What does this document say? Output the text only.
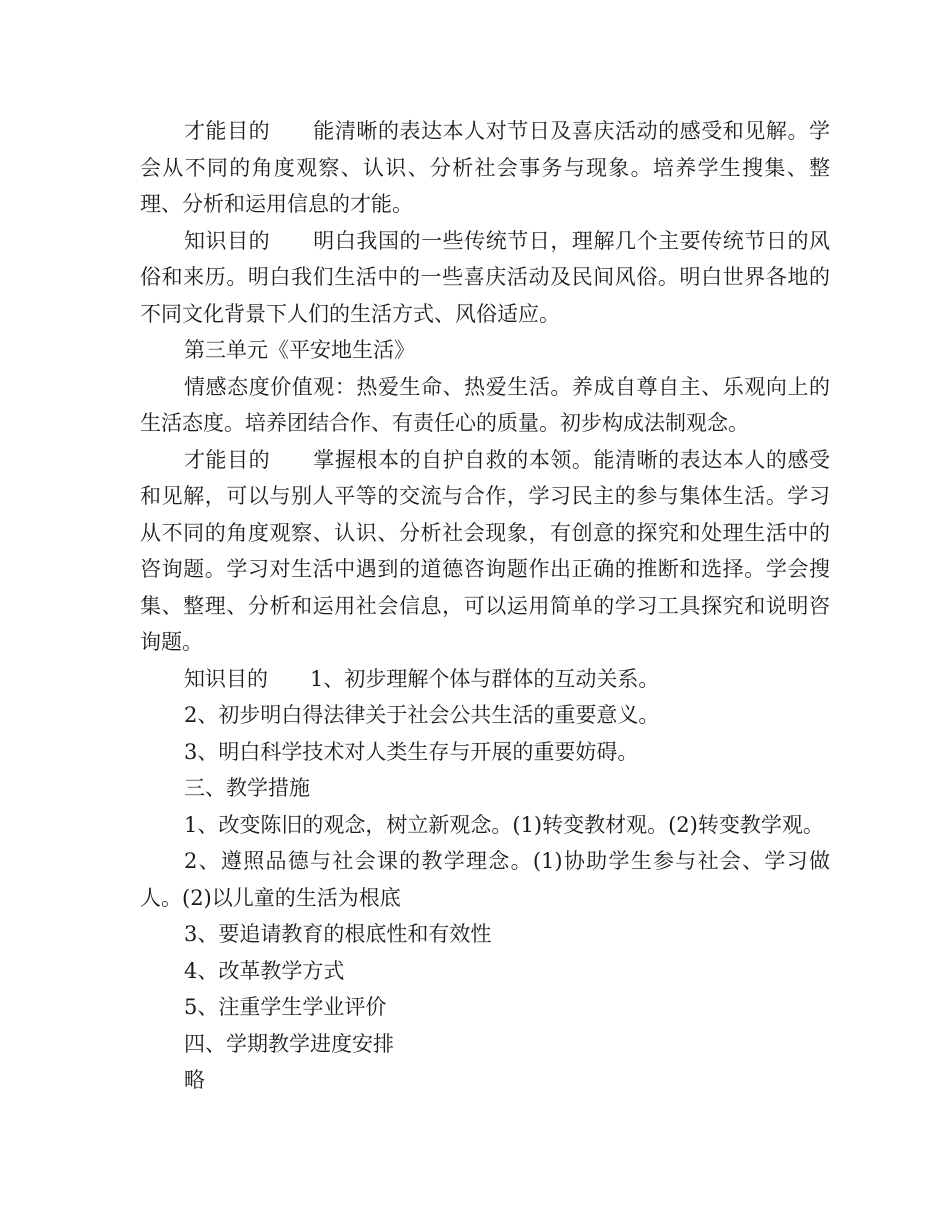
才能目的　　能清晰的表达本人对节日及喜庆活动的感受和见解。学会从不同的角度观察、认识、分析社会事务与现象。培养学生搜集、整理、分析和运用信息的才能。

知识目的　　明白我国的一些传统节日，理解几个主要传统节日的风俗和来历。明白我们生活中的一些喜庆活动及民间风俗。明白世界各地的不同文化背景下人们的生活方式、风俗适应。

第三单元《平安地生活》

情感态度价值观：热爱生命、热爱生活。养成自尊自主、乐观向上的生活态度。培养团结合作、有责任心的质量。初步构成法制观念。

才能目的　　掌握根本的自护自救的本领。能清晰的表达本人的感受和见解，可以与别人平等的交流与合作，学习民主的参与集体生活。学习从不同的角度观察、认识、分析社会现象，有创意的探究和处理生活中的咨询题。学习对生活中遇到的道德咨询题作出正确的推断和选择。学会搜集、整理、分析和运用社会信息，可以运用简单的学习工具探究和说明咨询题。

知识目的　　1、初步理解个体与群体的互动关系。

2、初步明白得法律关于社会公共生活的重要意义。

3、明白科学技术对人类生存与开展的重要妨碍。

三、教学措施

1、改变陈旧的观念，树立新观念。(1)转变教材观。(2)转变教学观。

2、遵照品德与社会课的教学理念。(1)协助学生参与社会、学习做人。(2)以儿童的生活为根底

3、要追请教育的根底性和有效性

4、改革教学方式

5、注重学生学业评价

四、学期教学进度安排

略
